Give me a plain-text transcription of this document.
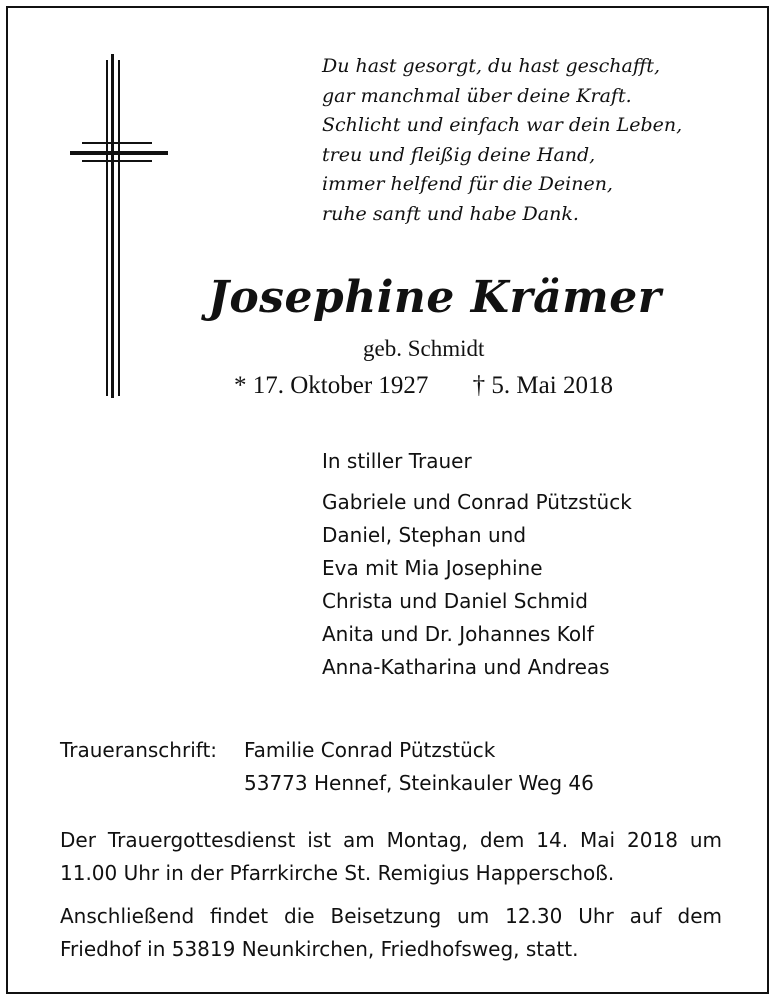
Du hast gesorgt, du hast geschafft,
gar manchmal über deine Kraft.
Schlicht und einfach war dein Leben,
treu und fleißig deine Hand,
immer helfend für die Deinen,
ruhe sanft und habe Dank.
Josephine Krämer
geb. Schmidt
* 17. Oktober 1927 † 5. Mai 2018
In stiller Trauer
Gabriele und Conrad Pützstück
Daniel, Stephan und
Eva mit Mia Josephine
Christa und Daniel Schmid
Anita und Dr. Johannes Kolf
Anna-Katharina und Andreas
Traueranschrift: Familie Conrad Pützstück
53773 Hennef, Steinkauler Weg 46
Der Trauergottesdienst ist am Montag, dem 14. Mai 2018 um 11.00 Uhr in der Pfarrkirche St. Remigius Happerschoß.
Anschließend findet die Beisetzung um 12.30 Uhr auf dem Friedhof in 53819 Neunkirchen, Friedhofsweg, statt.
